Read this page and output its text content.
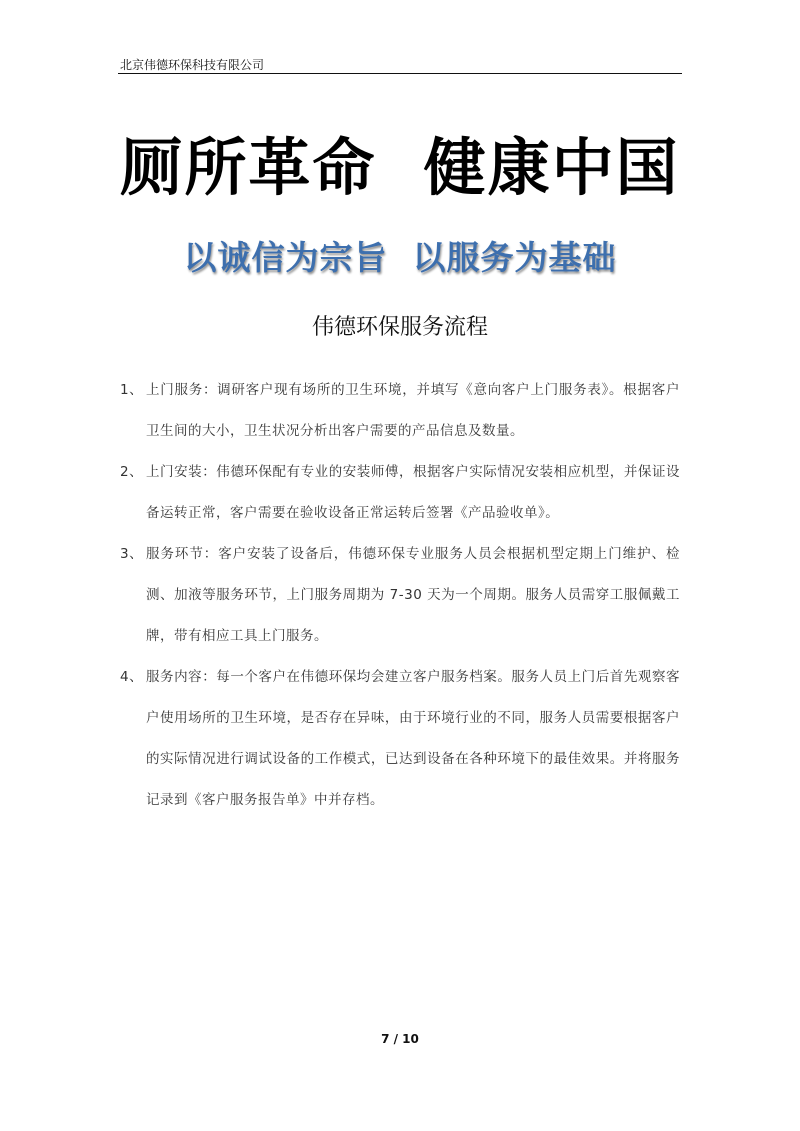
北京伟德环保科技有限公司
厕所革命  健康中国
以诚信为宗旨  以服务为基础
伟德环保服务流程
1、 上门服务：调研客户现有场所的卫生环境，并填写《意向客户上门服务表》。根据客户卫生间的大小，卫生状况分析出客户需要的产品信息及数量。
2、 上门安装：伟德环保配有专业的安装师傅，根据客户实际情况安装相应机型，并保证设备运转正常，客户需要在验收设备正常运转后签署《产品验收单》。
3、 服务环节：客户安装了设备后，伟德环保专业服务人员会根据机型定期上门维护、检测、加液等服务环节，上门服务周期为 7-30 天为一个周期。服务人员需穿工服佩戴工牌，带有相应工具上门服务。
4、 服务内容：每一个客户在伟德环保均会建立客户服务档案。服务人员上门后首先观察客户使用场所的卫生环境，是否存在异味，由于环境行业的不同，服务人员需要根据客户的实际情况进行调试设备的工作模式，已达到设备在各种环境下的最佳效果。并将服务记录到《客户服务报告单》中并存档。
7 / 10
